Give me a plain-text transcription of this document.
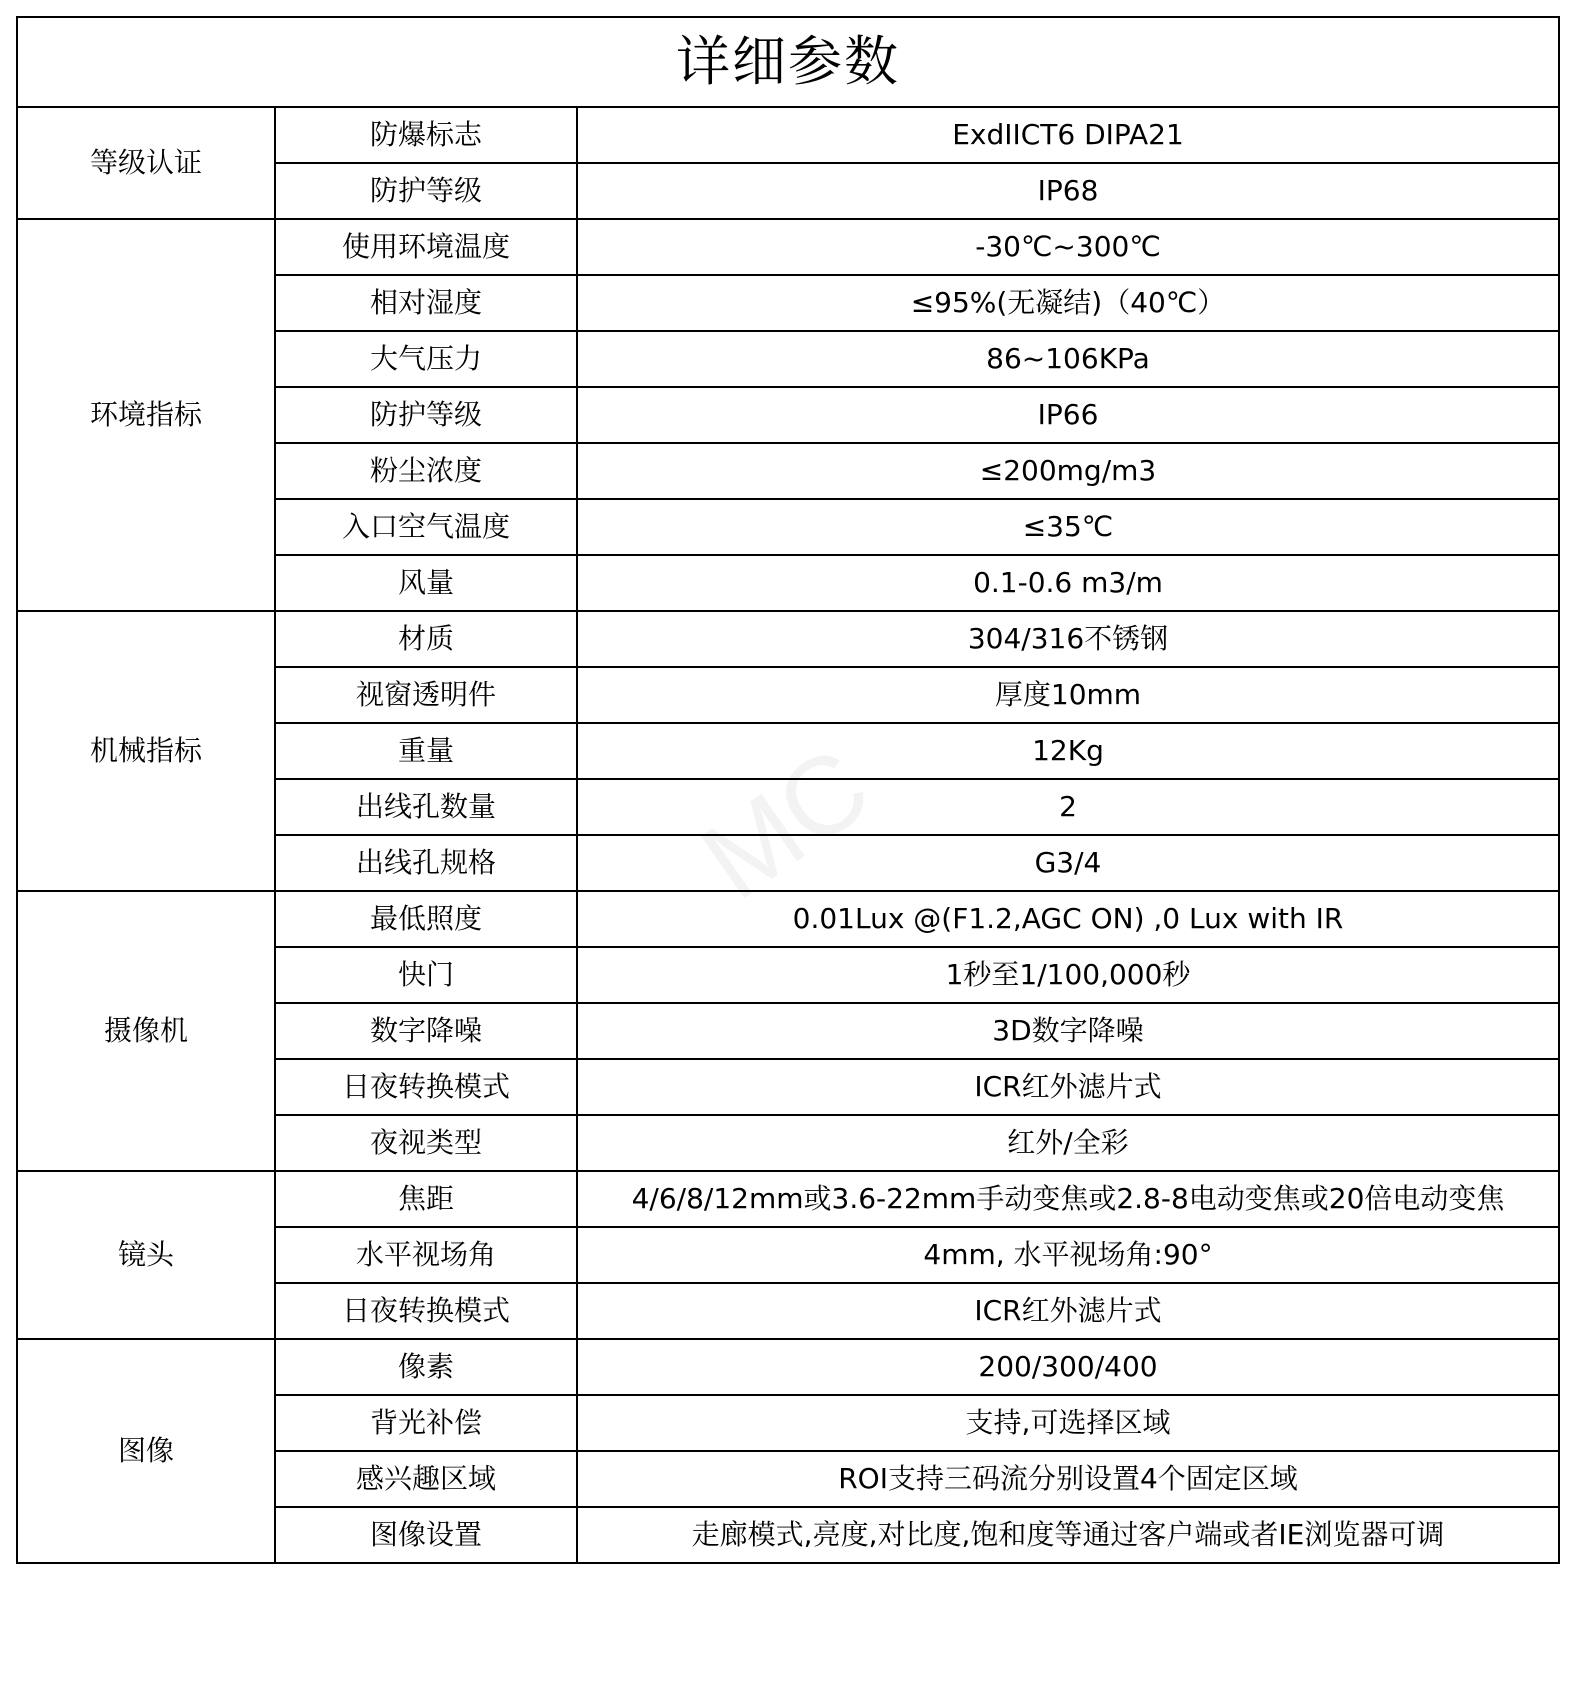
MC
详细参数		
等级认证	防爆标志	ExdIICT6 DIPA21
	防护等级	IP68
环境指标	使用环境温度	-30℃~300℃
	相对湿度	≤95%(无凝结)（40℃）
	大气压力	86~106KPa
	防护等级	IP66
	粉尘浓度	≤200mg/m3
	入口空气温度	≤35℃
	风量	0.1-0.6 m3/m
机械指标	材质	304/316不锈钢
	视窗透明件	厚度10mm
	重量	12Kg
	出线孔数量	2
	出线孔规格	G3/4
摄像机	最低照度	0.01Lux @(F1.2,AGC ON) ,0 Lux with IR
	快门	1秒至1/100,000秒
	数字降噪	3D数字降噪
	日夜转换模式	ICR红外滤片式
	夜视类型	红外/全彩
镜头	焦距	4/6/8/12mm或3.6-22mm手动变焦或2.8-8电动变焦或20倍电动变焦
	水平视场角	4mm, 水平视场角:90°
	日夜转换模式	ICR红外滤片式
图像	像素	200/300/400
	背光补偿	支持,可选择区域
	感兴趣区域	ROI支持三码流分别设置4个固定区域
	图像设置	走廊模式,亮度,对比度,饱和度等通过客户端或者IE浏览器可调
